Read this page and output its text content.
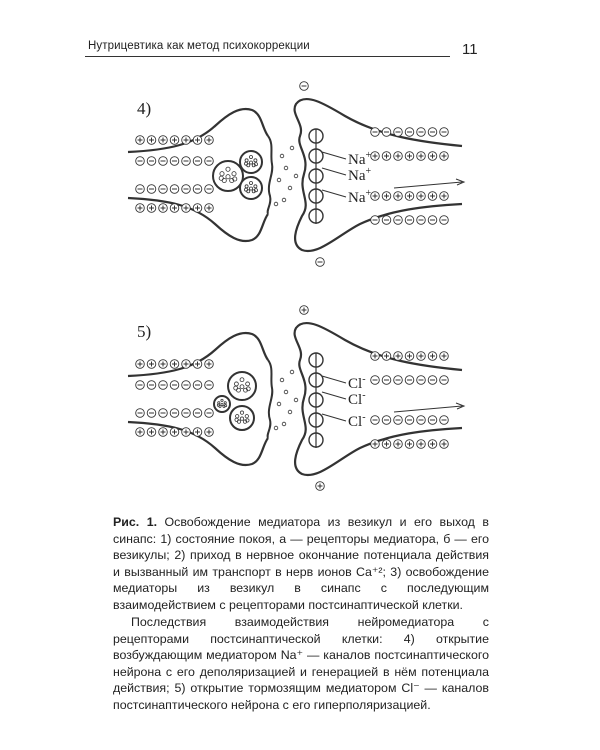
Нутрицевтика как метод психокоррекции	11
4)
5)
Na+
Na+
Na+
Cl-
Cl-
Cl-

Рис. 1. Освобождение медиатора из везикул и его выход в синапс: 1) состояние покоя, а — рецепторы медиатора, б — его везикулы; 2) приход в нервное окончание потенциала действия и вызванный им транспорт в нерв ионов Ca⁺²; 3) освобождение медиаторы из везикул в синапс с последующим взаимодействием с рецепторами постсинаптической клетки.

Последствия взаимодействия нейромедиатора с рецепторами постсинаптической клетки: 4) открытие возбуждающим медиатором Na⁺ — каналов постсинаптического нейрона с его деполяризацией и генерацией в нём потенциала действия; 5) открытие тормозящим медиатором Cl⁻ — каналов постсинаптического нейрона с его гиперполяризацией.
